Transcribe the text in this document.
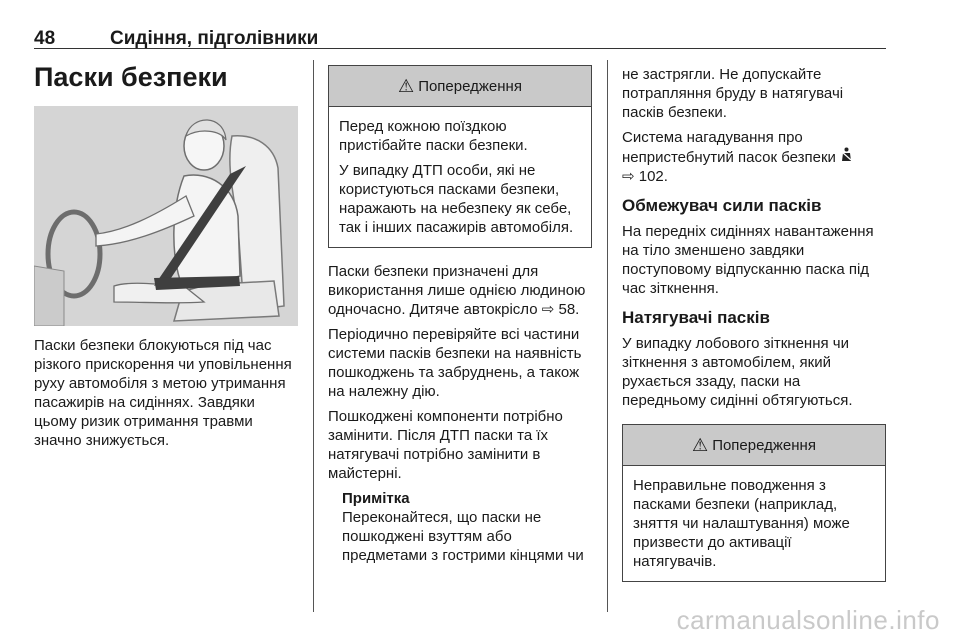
48	Сидіння, підголівники
Паски безпеки

Паски безпеки блокуються під час різкого прискорення чи уповільнення руху автомобіля з метою утримання пасажирів на сидіннях. Завдяки цьому ризик отримання травми значно знижується.

⚠ Попередження

Перед кожною поїздкою пристібайте паски безпеки.

У випадку ДТП особи, які не користуються пасками безпеки, наражають на небезпеку як себе, так і інших пасажирів автомобіля.

Паски безпеки призначені для використання лише однією людиною одночасно. Дитяче автокрісло ⇨ 58.

Періодично перевіряйте всі частини системи пасків безпеки на наявність пошкоджень та забруднень, а також на належну дію.

Пошкоджені компоненти потрібно замінити. Після ДТП паски та їх натягувачі потрібно замінити в майстерні.

Примітка

Переконайтеся, що паски не пошкоджені взуттям або предметами з гострими кінцями чи

не застрягли. Не допускайте потрапляння бруду в натягувачі пасків безпеки.

Система нагадування про непристебнутий пасок безпеки
⇨ 102.

Обмежувач сили пасків

На передніх сидіннях навантаження на тіло зменшено завдяки поступовому відпусканню паска під час зіткнення.

Натягувачі пасків

У випадку лобового зіткнення чи зіткнення з автомобілем, який рухається ззаду, паски на передньому сидінні обтягуються.

⚠ Попередження

Неправильне поводження з пасками безпеки (наприклад, зняття чи налаштування) може призвести до активації натягувачів.

carmanualsonline.info
